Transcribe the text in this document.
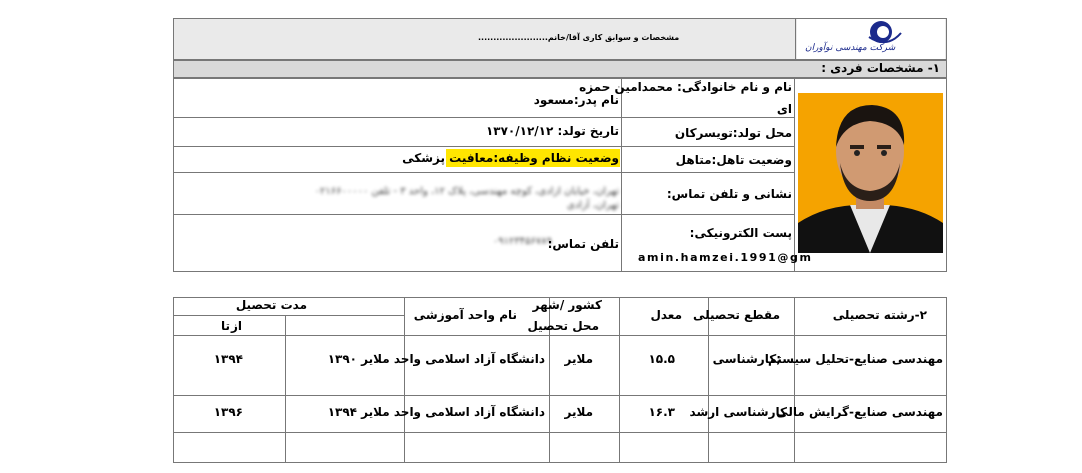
شرکت مهندسی نوآوران
مشخصات و سوابق کاری آقا/خانم.......................
۱- مشخصات فردی :
نام و نام خانوادگی: محمدامین حمزه
ای
محل تولد:تویسرکان
وضعیت تاهل:متاهل
نشانی و تلفن تماس:
پست الکترونیکی:
amin.hamzei.1991@gm
نام پدر:مسعود
تاریخ تولد: ۱۳۷۰/۱۲/۱۲
وضعیت نظام وظیفه:معافیت پزشکی
تهران، خیابان آزادی، کوچه مهندسی، پلاک ۱۲، واحد ۳ - تلفن ۰۲۱۶۶۰۰۰۰۰
تهران، آزادی
تلفن تماس:
۰۹۱۲۳۴۵۶۷۸۹
۲-رشته تحصیلی
مقطع تحصیلی
معدل
کشور /شهر
محل تحصیل
نام واحد آموزشی
مدت تحصیل
از
تا
مهندسی صنایع-تحلیل سیستم
;کارشناسی
۱۵.۵
ملایر
دانشگاه آزاد اسلامی واحد ملایر
۱۳۹۰
۱۳۹۴
مهندسی صنایع-گرایش مالی
کارشناسی ارشد
۱۶.۳
ملایر
دانشگاه آزاد اسلامی واحد ملایر
۱۳۹۴
۱۳۹۶
